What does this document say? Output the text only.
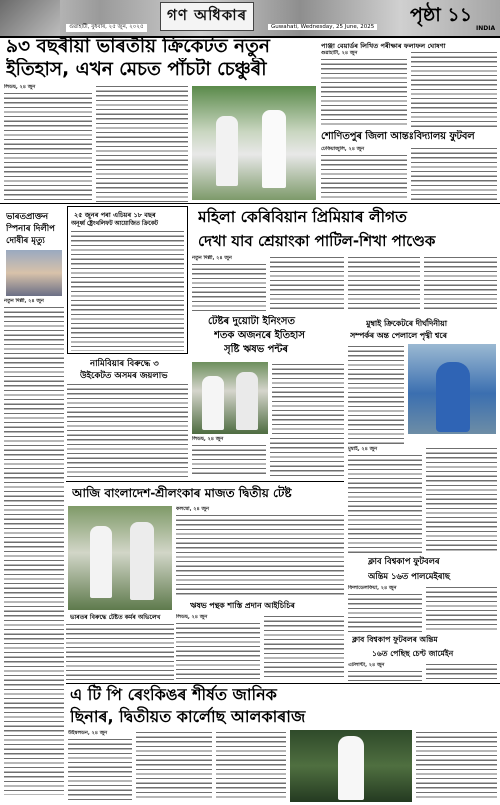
গণ অধিকাৰ
গুৱাহাটী, বুধবাৰ, ২৫ জুন, ২০২৫	Guwahati, Wednesday, 25 June, 2025
পৃষ্ঠা ১১
INDIA
৯৩ বছৰীয়া ভাৰতীয় ক্রিকেটত নতুন
ইতিহাস, এখন মেচত পাঁচটা চেঞ্চুৰী
লিডছ, ২৪ জুন
পাঞ্জা বেয়াৰ্ডৰ লিখিত পৰীক্ষাৰ ফলাফল ঘোষণা
গুৱাহাটী, ২৪ জুন
শোণিতপুৰ জিলা আন্তঃবিদ্যালয় ফুটবল
ঢেকিয়াজুলি, ২৪ জুন
ভাৰতপ্রাক্তন
স্পিনাৰ দিলীপ
দোষীৰ মৃত্যু
নতুন দিল্লী, ২৪ জুন
২৫ জুনৰ পৰা এচিয়ৰ ১৮ বছৰ
অনূৰ্ধ্ব ষ্ট্ৰেংথলিফট আয়োজিত ক্রিকেট
নামিবিয়াৰ বিৰুদ্ধে ৩
উইকেটত অসমৰ জয়লাভ
মহিলা কেৰিবিয়ান প্রিমিয়াৰ লীগত
দেখা যাব শ্রেয়াংকা পাটিল-শিখা পাণ্ডেক
নতুন দিল্লী, ২৪ জুন
টেষ্টৰ দুয়োটা ইনিংসত
শতক অজনৰে ইতিহাস
সৃষ্টি ঋষভ পন্টৰ
লিডছ, ২৪ জুন
মুম্বাই ক্রিকেটৰে দীৰ্ঘদিনীয়া
সম্পৰ্কৰ অন্ত পেলালে পৃথ্বী শ্বৰে
মুম্বাই, ২৪ জুন
আজি বাংলাদেশ-শ্রীলংকাৰ মাজত দ্বিতীয় টেষ্ট
ভাৰতৰ বিৰুদ্ধে টেষ্টত কৰ্মৰ অভিলেখ
কলম্বো, ২৪ জুন
ঋষভ পন্থক শাস্তি প্রদান আইচিচিৰ
লিডছ, ২৪ জুন
ক্লাব বিশ্বকাপ ফুটবলৰ
অন্তিম ১৬ত পালমেইৰাছ
ফিলাডেলফিয়া, ২৪ জুন
ক্লাব বিশ্বকাপ ফুটবলৰ অন্তিম
১৬ত পেছিছ চেণ্ট জাৰ্মেইন
এটলান্টা, ২৪ জুন
এ টি পি ৰেংকিঙৰ শীৰ্ষত জানিক
ছিনাৰ, দ্বিতীয়ত কাৰ্লোছ আলকাৰাজ
উইম্বলডন, ২৪ জুন
